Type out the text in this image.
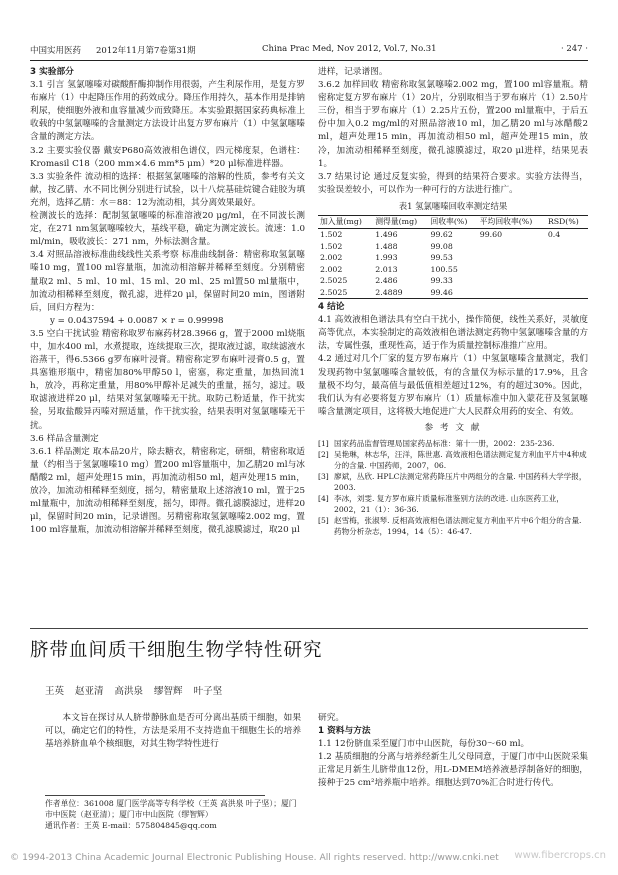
中国实用医药 2012年11月第7卷第31期	China Prac Med, Nov 2012, Vol.7, No.31	· 247 ·

3 实验部分

3.1 引言 氢氯噻嗪对碳酸酐酶抑制作用很弱，产生利尿作用，是复方罗布麻片（1）中起降压作用的药效成分。降压作用持久，基本作用是排钠利尿，使细胞外液和血容量减少而致降压。本实验跟据国家药典标准上收载的中氢氯噻嗪的含量测定方法设计出复方罗布麻片（1）中氢氯噻嗪含量的测定方法。

3.2 主要实验仪器 戴安P680高效液相色谱仪，四元梯度泵，色谱柱：Kromasil C18（200 mm×4.6 mm*5 μm）*20 μl标准进样器。

3.3 实验条件 流动相的选择：根据氢氯噻嗪的溶解的性质，参考有关文献，按乙腈、水不同比例分别进行试验，以十八烷基硅烷键合硅胶为填充剂，选择乙腈：水＝88：12为流动相，其分离效果最好。

检测波长的选择：配制氢氯噻嗪的标准溶液20 μg/ml，在不同波长测定，在271 nm氢氯噻嗪较大，基线平稳，确定为测定波长。流速：1.0 ml/min，吸收波长：271 nm，外标法测含量。

3.4 对照品溶液标准曲线线性关系考察 标准曲线制备：精密称取氢氯噻嗪10 mg，置100 ml容量瓶，加流动相溶解并稀释至刻度。分别精密量取2 ml、5 ml、10 ml、15 ml、20 ml、25 ml置50 ml量瓶中，加流动相稀释至刻度，微孔滤，进样20 μl，保留时间20 min，图谱附后，回归方程为：

y = 0.0437594 + 0.0087 × r = 0.99998

3.5 空白干扰试验 精密称取罗布麻药材28.3966 g，置于2000 ml烧瓶中，加水400 ml，水煮提取，连续提取三次，提取液过滤，取续滤液水浴蒸干，得6.5366 g罗布麻叶浸膏。精密称定罗布麻叶浸膏0.5 g，置具塞锥形瓶中，精密加80%甲醇50 l，密塞，称定重量，加热回流1 h，放冷，再称定重量，用80%甲醇补足减失的重量，摇匀，滤过。吸取滤液进样20 μl，结果对氢氯噻嗪无干扰。取防己粉适量，作干扰实验，另取盐酸异丙嗪对照适量，作干扰实验，结果表明对氢氯噻嗪无干扰。

3.6 样品含量测定

3.6.1 样品测定 取本品20片，除去糖衣，精密称定，研细，精密称取适量（约相当于氢氯噻嗪10 mg）置200 ml容量瓶中，加乙腈20 ml与冰醋酸2 ml，超声处理15 min，再加流动相50 ml，超声处理15 min，放冷，加流动相稀释至刻度，摇匀，精密量取上述溶液10 ml，置于25 ml量瓶中，加流动相稀释至刻度，摇匀，即得。微孔滤膜滤过，进样20 μl，保留时间20 min，记录谱图。另精密称取氢氯噻嗪2.002 mg，置100 ml容量瓶，加流动相溶解并稀释至刻度，微孔滤膜滤过，取20 μl

进样，记录谱图。

3.6.2 加样回收 精密称取氢氯噻嗪2.002 mg，置100 ml容量瓶。精密称定复方罗布麻片（1）20片，分别取相当于罗布麻片（1）2.50片三份，相当于罗布麻片（1）2.25片五份，置200 ml量瓶中，于后五份中加入0.2 mg/ml的对照品溶液10 ml，加乙腈20 ml与冰醋酸2 ml，超声处理15 min，再加流动相50 ml，超声处理15 min，放冷，加流动相稀释至刻度，微孔滤膜滤过，取20 μl进样，结果见表1。

3.7 结果讨论 通过反复实验，得到的结果符合要求。实验方法得当，实验误差较小，可以作为一种可行的方法进行推广。

表1 氢氯噻嗪回收率测定结果

加入量(mg)	测得量(mg)	回收率(%)	平均回收率(%)	RSD(%)
1.502	1.496	99.62	99.60	0.4
1.502	1.488	99.08		
2.002	1.993	99.53		
2.002	2.013	100.55		
2.5025	2.486	99.33		
2.5025	2.4889	99.46		

4 结论

4.1 高效液相色谱法具有空白干扰小，操作简便，线性关系好，灵敏度高等优点，本实验制定的高效液相色谱法测定药物中氢氯噻嗪含量的方法，专属性强，重现性高，适于作为质量控制标准推广应用。

4.2 通过对几个厂家的复方罗布麻片（1）中氢氯噻嗪含量测定，我们发现药物中氢氯噻嗪含量较低，有的含量仅为标示量的17.9%，且含量极不均匀，最高值与最低值相差超过12%，有的超过30%。因此，我们认为有必要将复方罗布麻片（1）质量标准中加入蒙花苷及氢氯噻嗪含量测定项目，这将极大地促进广大人民群众用药的安全、有效。

参 考 文 献

[1] 国家药品监督管理局国家药品标准：第十一册，2002：235-236.
[2] 吴艳琳，林志华，汪洋，陈世惠. 高效液相色谱法测定复方利血平片中4种成分的含量. 中国药师，2007，06.
[3] 廖斌，丛欣. HPLC法测定常药降压片中两组分的含量. 中国药科大学学报，2003.
[4] 李冰，刘雯. 复方罗布麻片质量标准鉴别方法的改进. 山东医药工业，2002，21（1）：36-36.
[5] 赵雪梅，张淑琴. 反相高效液相色谱法测定复方利血平片中6个组分的含量. 药物分析杂志，1994，14（5）：46-47.
脐带血间质干细胞生物学特性研究
王英 赵亚清 高洪泉 缪智辉 叶子坚

本文旨在探讨从人脐带静脉血是否可分离出基质干细胞，如果可以，确定它们的特性，方法是采用不支持造血干细胞生长的培养基培养脐血单个核细胞，对其生物学特性进行

作者单位：361008 厦门医学高等专科学校（王英 高洪泉 叶子坚）；厦门市中医院（赵亚清）；厦门市中山医院（缪智辉）

通讯作者：王英 E-mail：575804845@qq.com

研究。

1 资料与方法

1.1 12份脐血采至厦门市中山医院，每份30～60 ml。

1.2 基质细胞的分离与培养经新生儿父母同意，于厦门市中山医院采集正常足月新生儿脐带血12份，用L-DMEM培养液悬浮制备好的细胞，接种于25 cm²培养瓶中培养。细胞达到70%汇合时进行传代。

© 1994-2013 China Academic Journal Electronic Publishing House. All rights reserved. http://www.cnki.net	www.fibercrops.cn
